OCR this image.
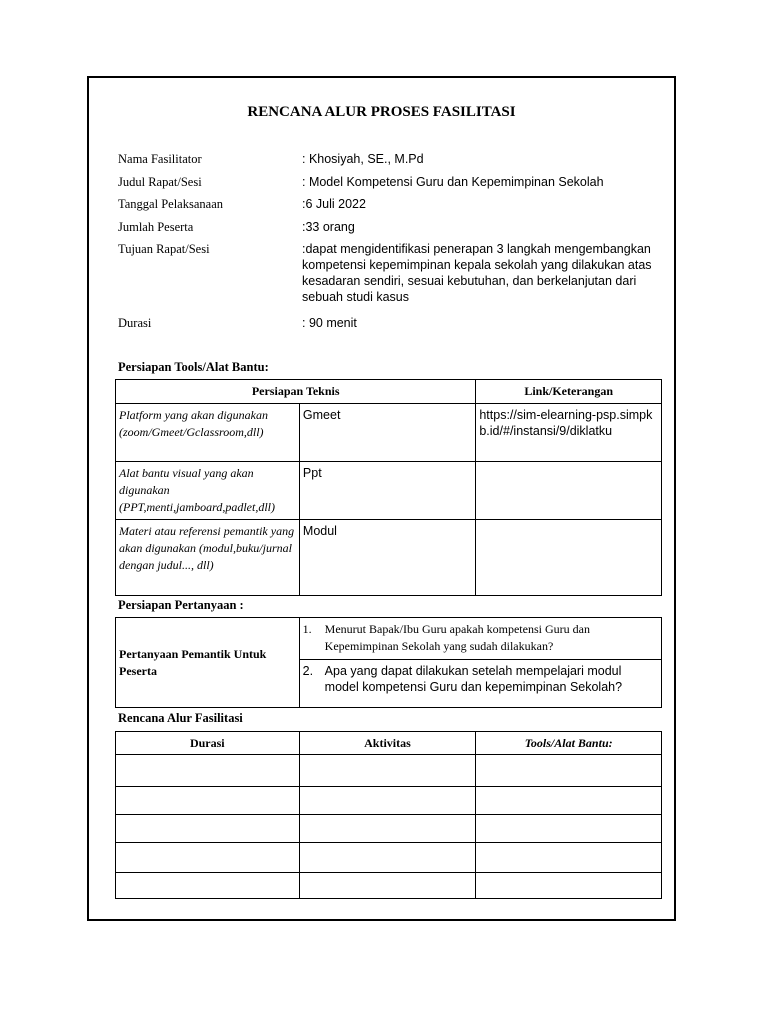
RENCANA ALUR PROSES FASILITASI
Nama Fasilitator	: Khosiyah, SE., M.Pd
Judul Rapat/Sesi	: Model Kompetensi Guru dan Kepemimpinan Sekolah
Tanggal Pelaksanaan	:6 Juli 2022
Jumlah Peserta	:33 orang
Tujuan Rapat/Sesi	:dapat mengidentifikasi penerapan 3 langkah mengembangkan kompetensi kepemimpinan kepala sekolah yang dilakukan atas kesadaran sendiri, sesuai kebutuhan, dan berkelanjutan dari sebuah studi kasus
Durasi	: 90 menit
Persiapan Tools/Alat Bantu:
Persiapan Teknis		Link/Keterangan
Platform yang akan digunakan (zoom/Gmeet/Gclassroom,dll)	Gmeet	https://sim-elearning-psp.simpkb.id/#/instansi/9/diklatku
Alat bantu visual yang akan digunakan (PPT,menti,jamboard,padlet,dll)	Ppt	
Materi atau referensi pemantik yang akan digunakan (modul,buku/jurnal dengan judul..., dll)	Modul	
Persiapan Pertanyaan :
Pertanyaan Pemantik Untuk Peserta	
1.	Menurut Bapak/Ibu Guru apakah kompetensi Guru dan Kepemimpinan Sekolah yang sudah dilakukan?

2. Apa yang dapat dilakukan setelah mempelajari modul model kompetensi Guru dan kepemimpinan Sekolah?
Rencana Alur Fasilitasi
Durasi	Aktivitas	Tools/Alat Bantu:
